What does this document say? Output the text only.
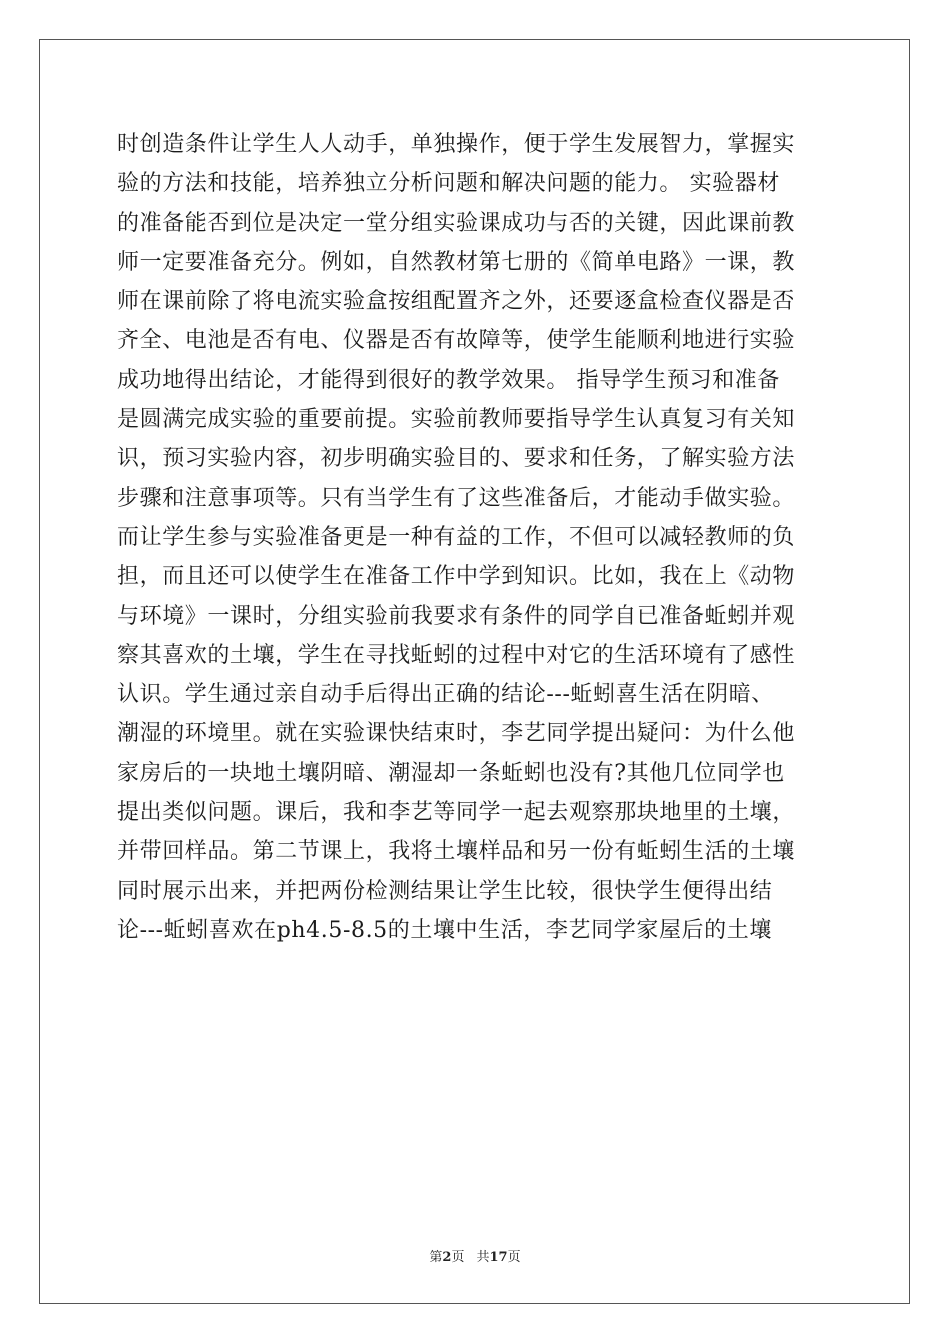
时创造条件让学生人人动手，单独操作，便于学生发展智力，掌握实
验的方法和技能，培养独立分析问题和解决问题的能力。 实验器材
的准备能否到位是决定一堂分组实验课成功与否的关键，因此课前教
师一定要准备充分。例如，自然教材第七册的《简单电路》一课，教
师在课前除了将电流实验盒按组配置齐之外，还要逐盒检查仪器是否
齐全、电池是否有电、仪器是否有故障等，使学生能顺利地进行实验
成功地得出结论，才能得到很好的教学效果。 指导学生预习和准备
是圆满完成实验的重要前提。实验前教师要指导学生认真复习有关知
识，预习实验内容，初步明确实验目的、要求和任务，了解实验方法
步骤和注意事项等。只有当学生有了这些准备后，才能动手做实验。
而让学生参与实验准备更是一种有益的工作，不但可以减轻教师的负
担，而且还可以使学生在准备工作中学到知识。比如，我在上《动物
与环境》一课时，分组实验前我要求有条件的同学自已准备蚯蚓并观
察其喜欢的土壤，学生在寻找蚯蚓的过程中对它的生活环境有了感性
认识。学生通过亲自动手后得出正确的结论---蚯蚓喜生活在阴暗、
潮湿的环境里。就在实验课快结束时，李艺同学提出疑问：为什么他
家房后的一块地土壤阴暗、潮湿却一条蚯蚓也没有?其他几位同学也
提出类似问题。课后，我和李艺等同学一起去观察那块地里的土壤，
并带回样品。第二节课上，我将土壤样品和另一份有蚯蚓生活的土壤
同时展示出来，并把两份检测结果让学生比较，很快学生便得出结
论---蚯蚓喜欢在ph4.5-8.5的土壤中生活，李艺同学家屋后的土壤
第2页 共17页
